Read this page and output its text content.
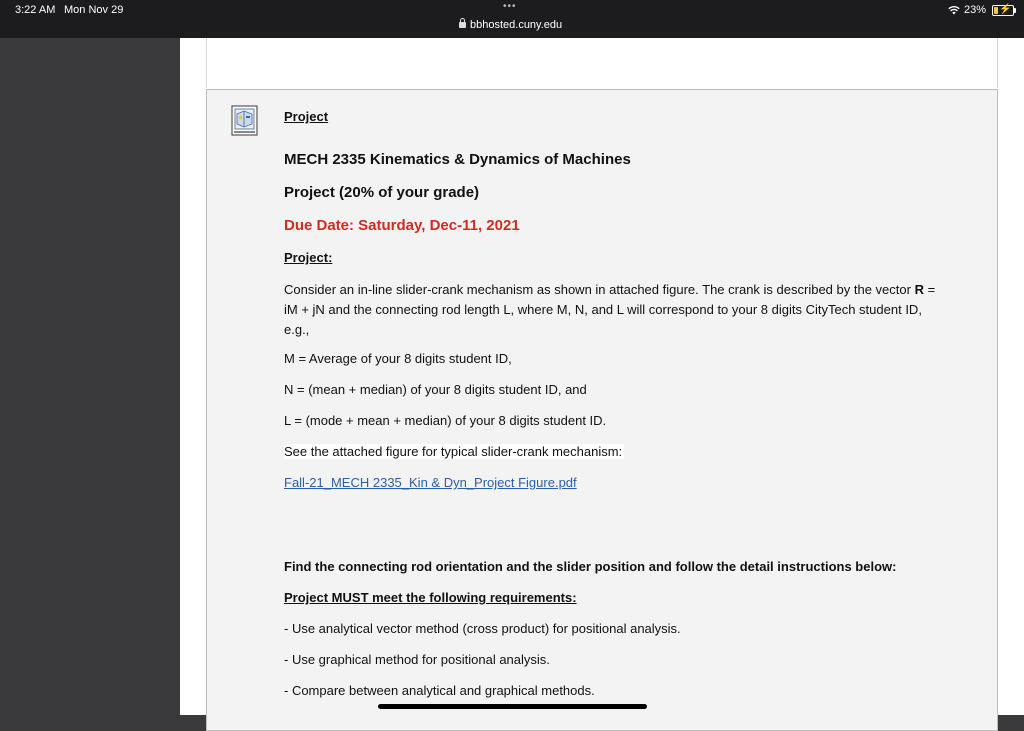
3:22 AM Mon Nov 29	•••
bbhosted.cuny.edu
23% ⚡
Project
MECH 2335 Kinematics & Dynamics of Machines
Project (20% of your grade)
Due Date: Saturday, Dec-11, 2021
Project:
Consider an in-line slider-crank mechanism as shown in attached figure. The crank is described by the vector R = iM + jN and the connecting rod length L, where M, N, and L will correspond to your 8 digits CityTech student ID, e.g.,
M = Average of your 8 digits student ID,
N = (mean + median) of your 8 digits student ID, and
L = (mode + mean + median) of your 8 digits student ID.
See the attached figure for typical slider-crank mechanism:
Fall-21_MECH 2335_Kin & Dyn_Project Figure.pdf
Find the connecting rod orientation and the slider position and follow the detail instructions below:
Project MUST meet the following requirements:
- Use analytical vector method (cross product) for positional analysis.
- Use graphical method for positional analysis.
- Compare between analytical and graphical methods.
